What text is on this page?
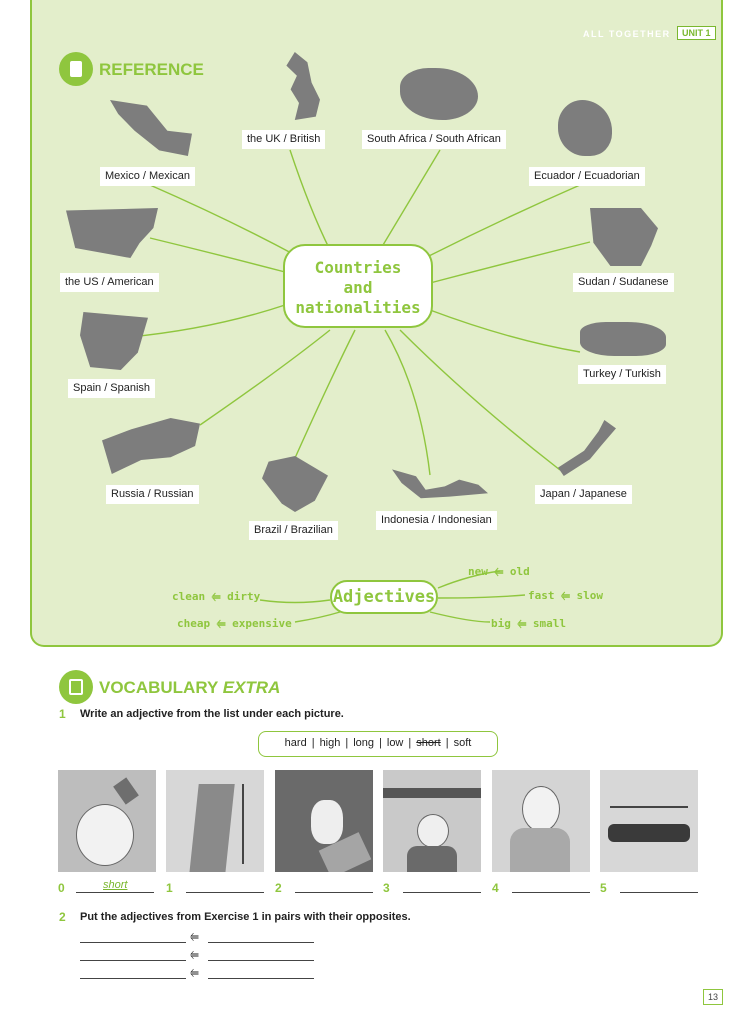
ALL TOGETHER	UNIT 1
REFERENCE
the UK / British	South Africa / South African
Mexico / Mexican	Ecuador / Ecuadorian
the US / American	Sudan / Sudanese
Spain / Spanish
Turkey / Turkish
Russia / Russian	Japan / Japanese
Brazil / Brazilian
Indonesia / Indonesian
Countries
and
nationalities
Adjectives
new ⥢ old
clean ⥢ dirty	fast ⥢ slow
cheap ⥢ expensive	big ⥢ small
VOCABULARY EXTRA
1 Write an adjective from the list under each picture.
hard | high | long | low | short | soft
0	short	1	2	3	4	5
2 Put the adjectives from Exercise 1 in pairs with their opposites.
⥢
⥢
⥢
13
